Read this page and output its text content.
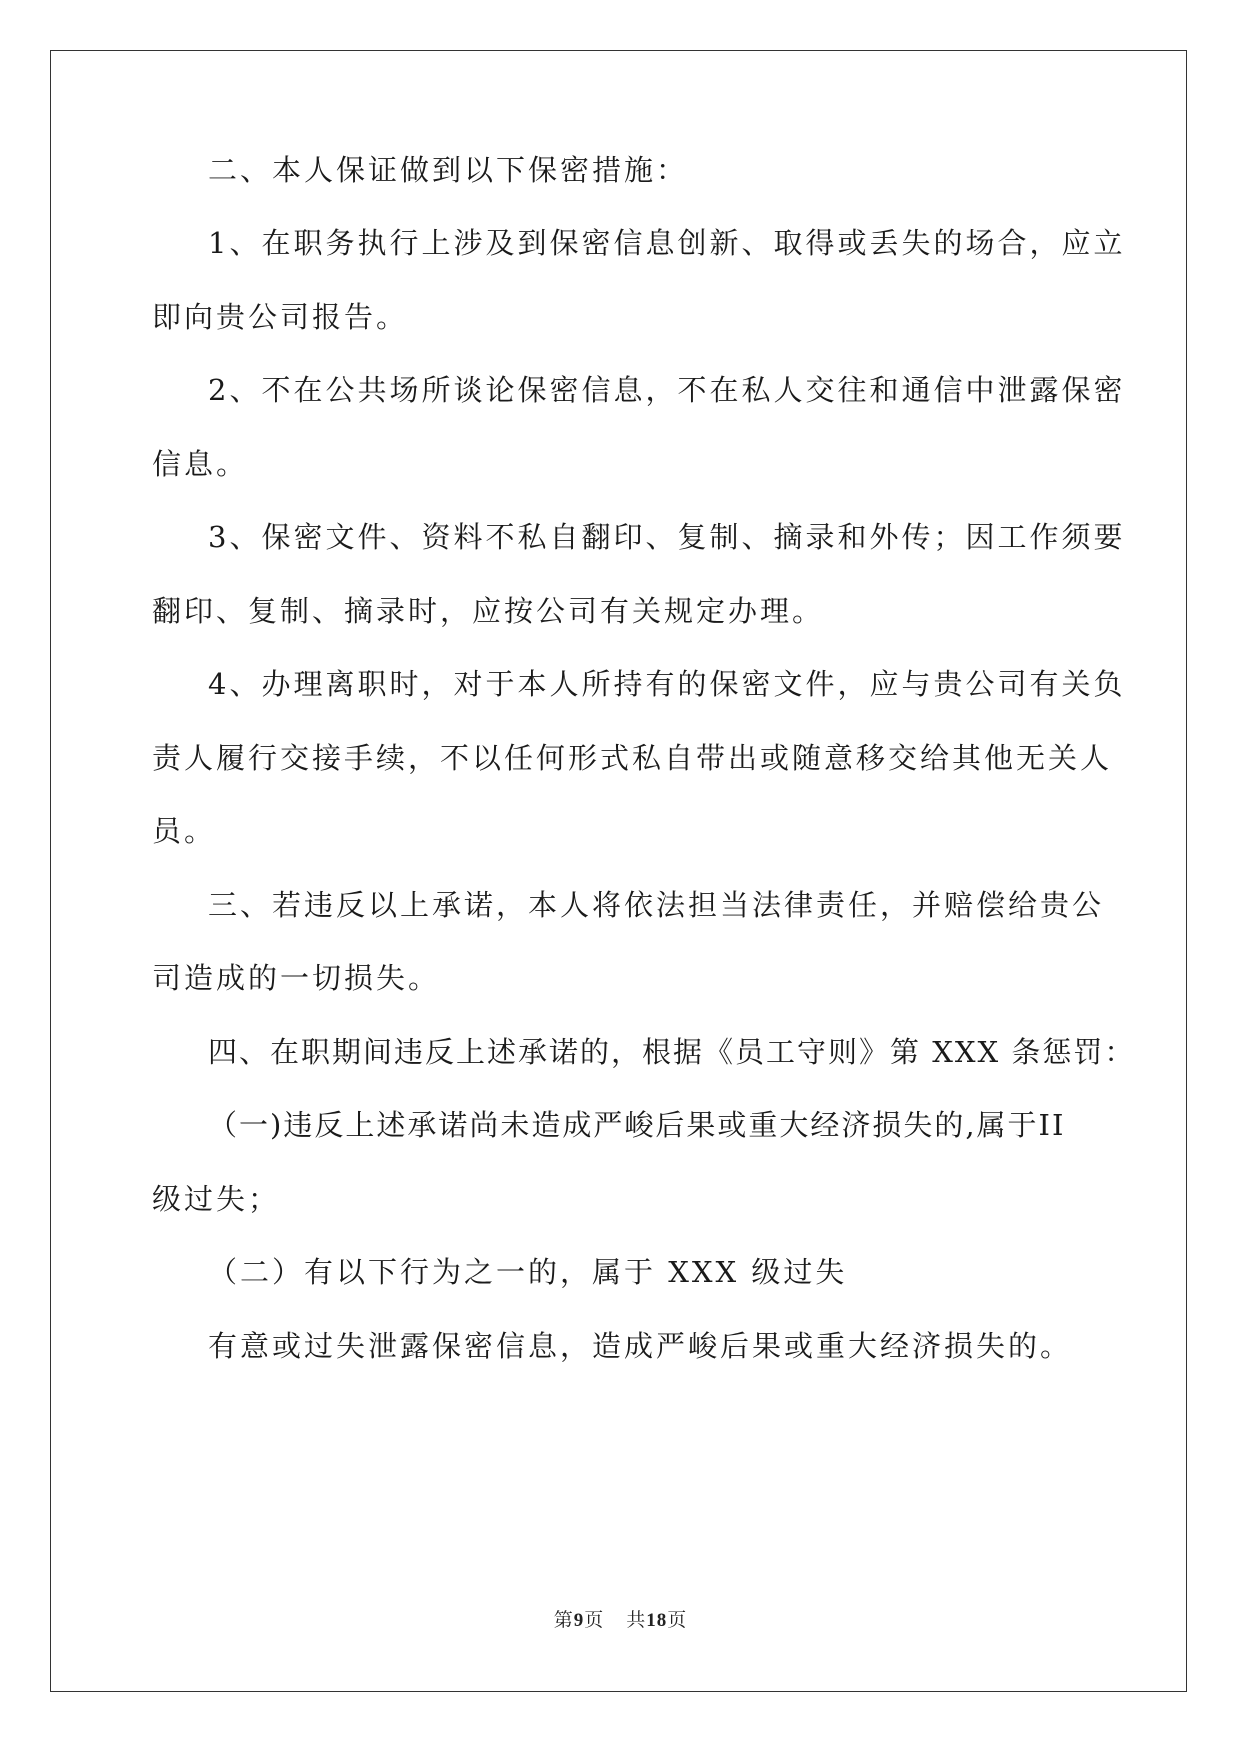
二、本人保证做到以下保密措施：
1、在职务执行上涉及到保密信息创新、取得或丢失的场合，应立
即向贵公司报告。
2、不在公共场所谈论保密信息，不在私人交往和通信中泄露保密
信息。
3、保密文件、资料不私自翻印、复制、摘录和外传；因工作须要
翻印、复制、摘录时，应按公司有关规定办理。
4、办理离职时，对于本人所持有的保密文件，应与贵公司有关负
责人履行交接手续，不以任何形式私自带出或随意移交给其他无关人
员。
三、若违反以上承诺，本人将依法担当法律责任，并赔偿给贵公
司造成的一切损失。
四、在职期间违反上述承诺的，根据《员工守则》第 XXX 条惩罚：
（一)违反上述承诺尚未造成严峻后果或重大经济损失的,属于II
级过失；
（二）有以下行为之一的，属于 XXX 级过失
有意或过失泄露保密信息，造成严峻后果或重大经济损失的。
第9页 共18页
